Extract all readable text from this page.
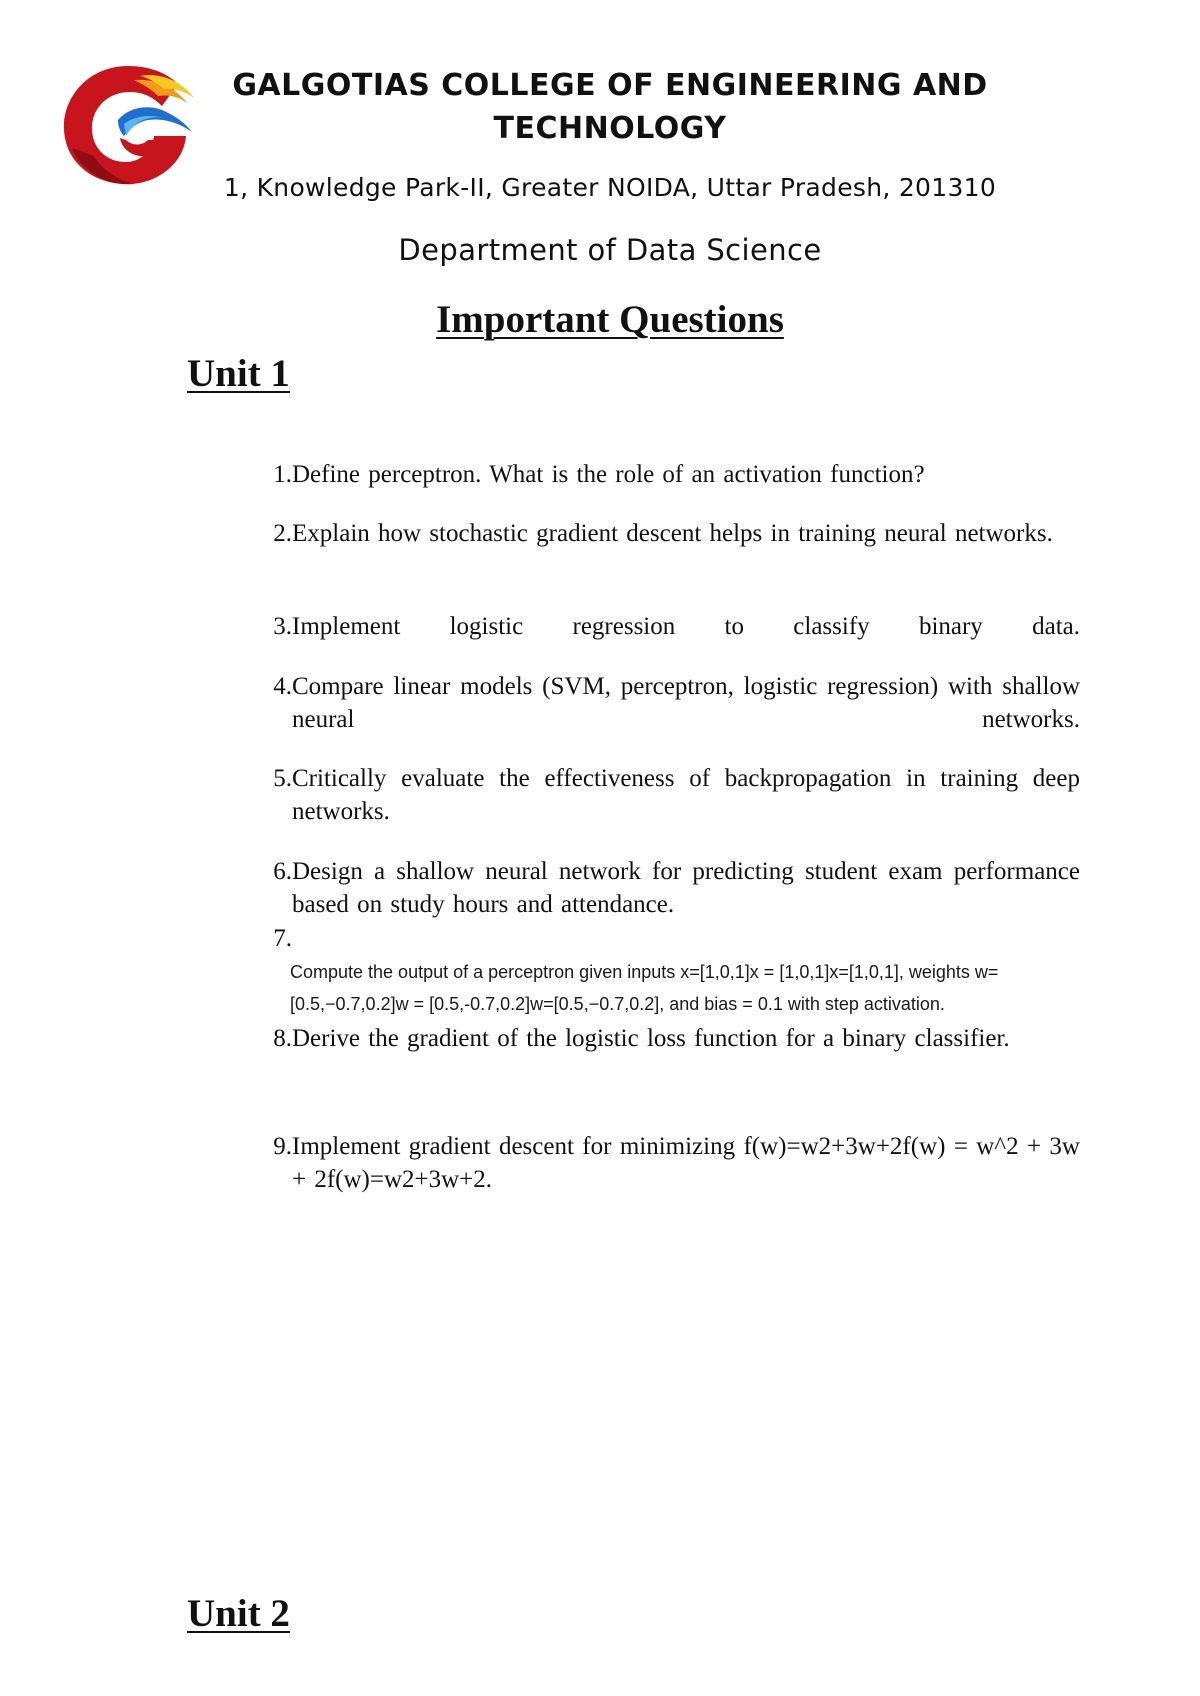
GALGOTIAS COLLEGE OF ENGINEERING AND TECHNOLOGY
1, Knowledge Park-II, Greater NOIDA, Uttar Pradesh, 201310
Department of Data Science
Important Questions
Unit 1
1. Define perceptron. What is the role of an activation function?
2. Explain how stochastic gradient descent helps in training neural networks.
3. Implement logistic regression to classify binary data.
4. Compare linear models (SVM, perceptron, logistic regression) with shallow neural networks.
5. Critically evaluate the effectiveness of backpropagation in training deep networks.
6. Design a shallow neural network for predicting student exam performance based on study hours and attendance.
7.
Compute the output of a perceptron given inputs x=[1,0,1]x = [1,0,1]x=[1,0,1], weights w=[0.5,−0.7,0.2]w = [0.5,-0.7,0.2]w=[0.5,−0.7,0.2], and bias = 0.1 with step activation.
8. Derive the gradient of the logistic loss function for a binary classifier.
9. Implement gradient descent for minimizing f(w)=w2+3w+2f(w) = w^2 + 3w + 2f(w)=w2+3w+2.
Unit 2
